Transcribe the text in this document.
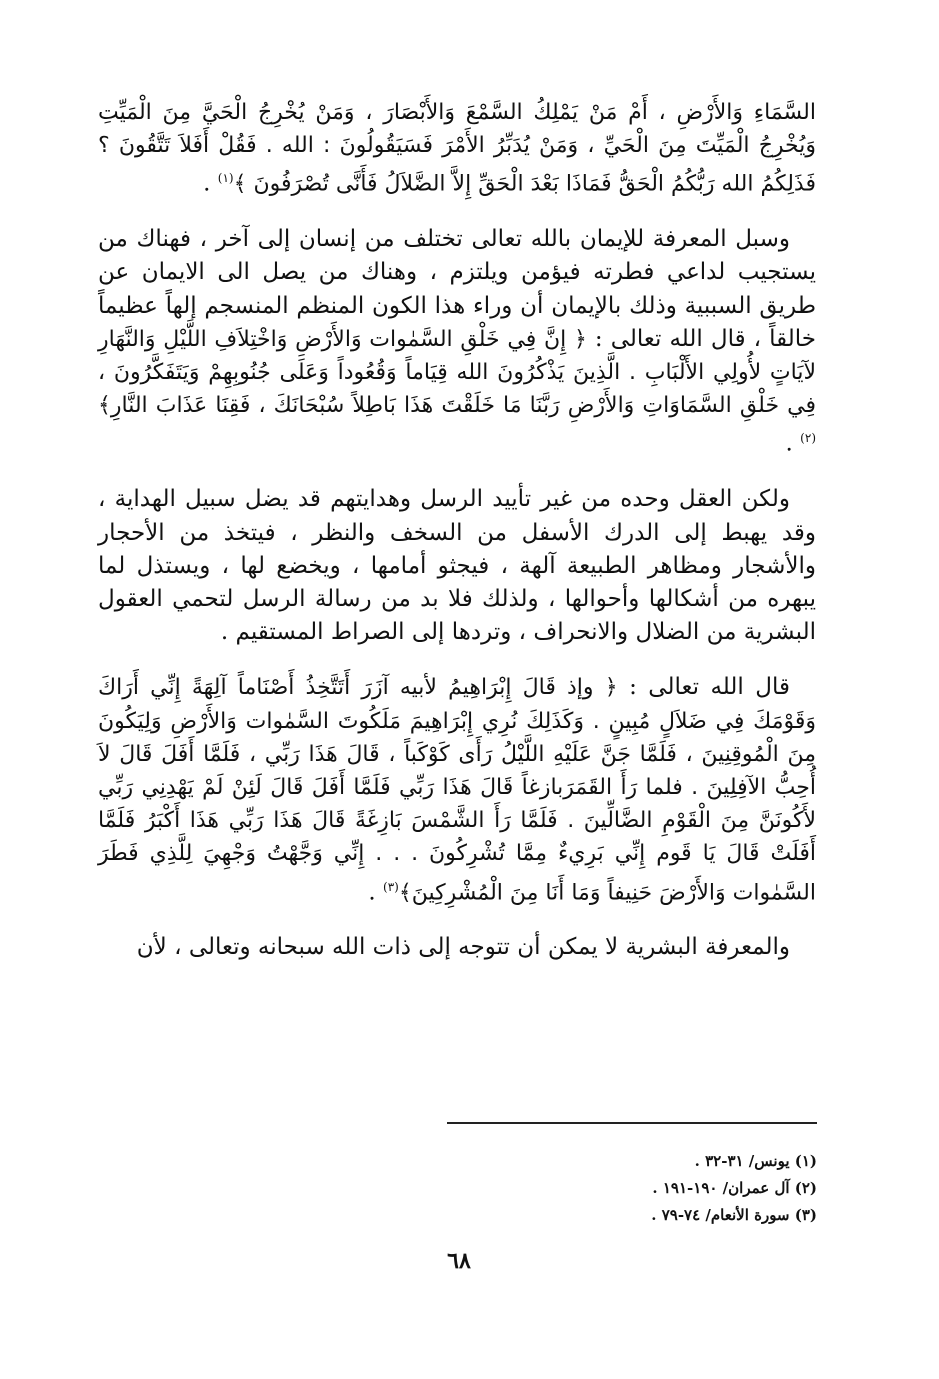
السَّمَاءِ وَالأَرْضِ ، أَمْ مَنْ يَمْلِكُ السَّمْعَ وَالأَبْصَارَ ، وَمَنْ يُخْرِجُ الْحَيَّ مِنَ الْمَيِّتِ وَيُخْرِجُ الْمَيِّتَ مِنَ الْحَيِّ ، وَمَنْ يُدَبِّرُ الأَمْرَ فَسَيَقُولُونَ : الله . فَقُلْ أَفَلاَ تَتَّقُونَ ؟ فَذَلِكُمُ الله رَبُّكُمُ الْحَقُّ فَمَاذَا بَعْدَ الْحَقِّ إِلاَّ الضَّلاَلُ فَأَنَّى تُصْرَفُونَ ﴾$^{(١)}$ .

وسبل المعرفة للإيمان بالله تعالى تختلف من إنسان إلى آخر ، فهناك من يستجيب لداعي فطرته فيؤمن ويلتزم ، وهناك من يصل الى الايمان عن طريق السببية وذلك بالإيمان أن وراء هذا الكون المنظم المنسجم إلهاً عظيماً خالقاً ، قال الله تعالى : ﴿ إِنَّ فِي خَلْقِ السَّمٰوات وَالأَرْضِ وَاخْتِلاَفِ اللَّيْلِ وَالنَّهَارِ لآيَاتٍ لأُولِي الأَلْبَابِ . الَّذِينَ يَذْكُرُونَ الله قِيَاماً وَقُعُوداً وَعَلَى جُنُوبِهِمْ وَيَتَفَكَّرُونَ ، فِي خَلْقِ السَّمَاوَاتِ وَالأَرْضِ رَبَّنَا مَا خَلَقْتَ هَذَا بَاطِلاً سُبْحَانَكَ ، فَقِنَا عَذَابَ النَّارِ﴾$^{(٢)}$ .

ولكن العقل وحده من غير تأييد الرسل وهدايتهم قد يضل سبيل الهداية ، وقد يهبط إلى الدرك الأسفل من السخف والنظر ، فيتخذ من الأحجار والأشجار ومظاهر الطبيعة آلهة ، فيجثو أمامها ، ويخضع لها ، ويستذل لما يبهره من أشكالها وأحوالها ، ولذلك فلا بد من رسالة الرسل لتحمي العقول البشرية من الضلال والانحراف ، وتردها إلى الصراط المستقيم .

قال الله تعالى : ﴿ وإذ قَالَ إِبْرَاهِيمُ لأبيه آزَرَ أَتَتَّخِذُ أَصْنَاماً آلِهَةً إِنِّي أَرَاكَ وَقَوْمَكَ فِي ضَلاَلٍ مُبِينٍ . وَكَذَلِكَ نُرِي إِبْرَاهِيمَ مَلَكُوتَ السَّمٰوات وَالأَرْضِ وَلِيَكُونَ مِنَ الْمُوقِنِينَ ، فَلَمَّا جَنَّ عَلَيْهِ اللَّيْلُ رَأَى كَوْكَباً ، قَالَ هَذَا رَبِّي ، فَلَمَّا أَفَلَ قَالَ لاَ أُحِبُّ الآفِلِينَ . فلما رَأَ القَمَرَبازغاً قَالَ هَذَا رَبِّي فَلَمَّا أَفَلَ قَالَ لَئِنْ لَمْ يَهْدِنِي رَبِّي لأَكُونَنَّ مِنَ الْقَوْمِ الضَّالِّينَ . فَلَمَّا رَأَ الشَّمْسَ بَازِغَةً قَالَ هَذَا رَبِّي هَذَا أَكْبَرُ فَلَمَّا أَفَلَتْ قَالَ يَا قَوم إِنِّي بَرِيءٌ مِمَّا تُشْرِكُونَ . . . إِنِّي وَجَّهْتُ وَجْهِيَ لِلَّذِي فَطَرَ السَّمٰوات وَالأَرْضَ حَنِيفاً وَمَا أَنَا مِنَ الْمُشْرِكِينَ﴾$^{(٣)}$ .

والمعرفة البشرية لا يمكن أن تتوجه إلى ذات الله سبحانه وتعالى ، لأن

(١) يونس/ ٣١-٣٢ .
(٢) آل عمران/ ١٩٠-١٩١ .
(٣) سورة الأنعام/ ٧٤-٧٩ .
٦٨
